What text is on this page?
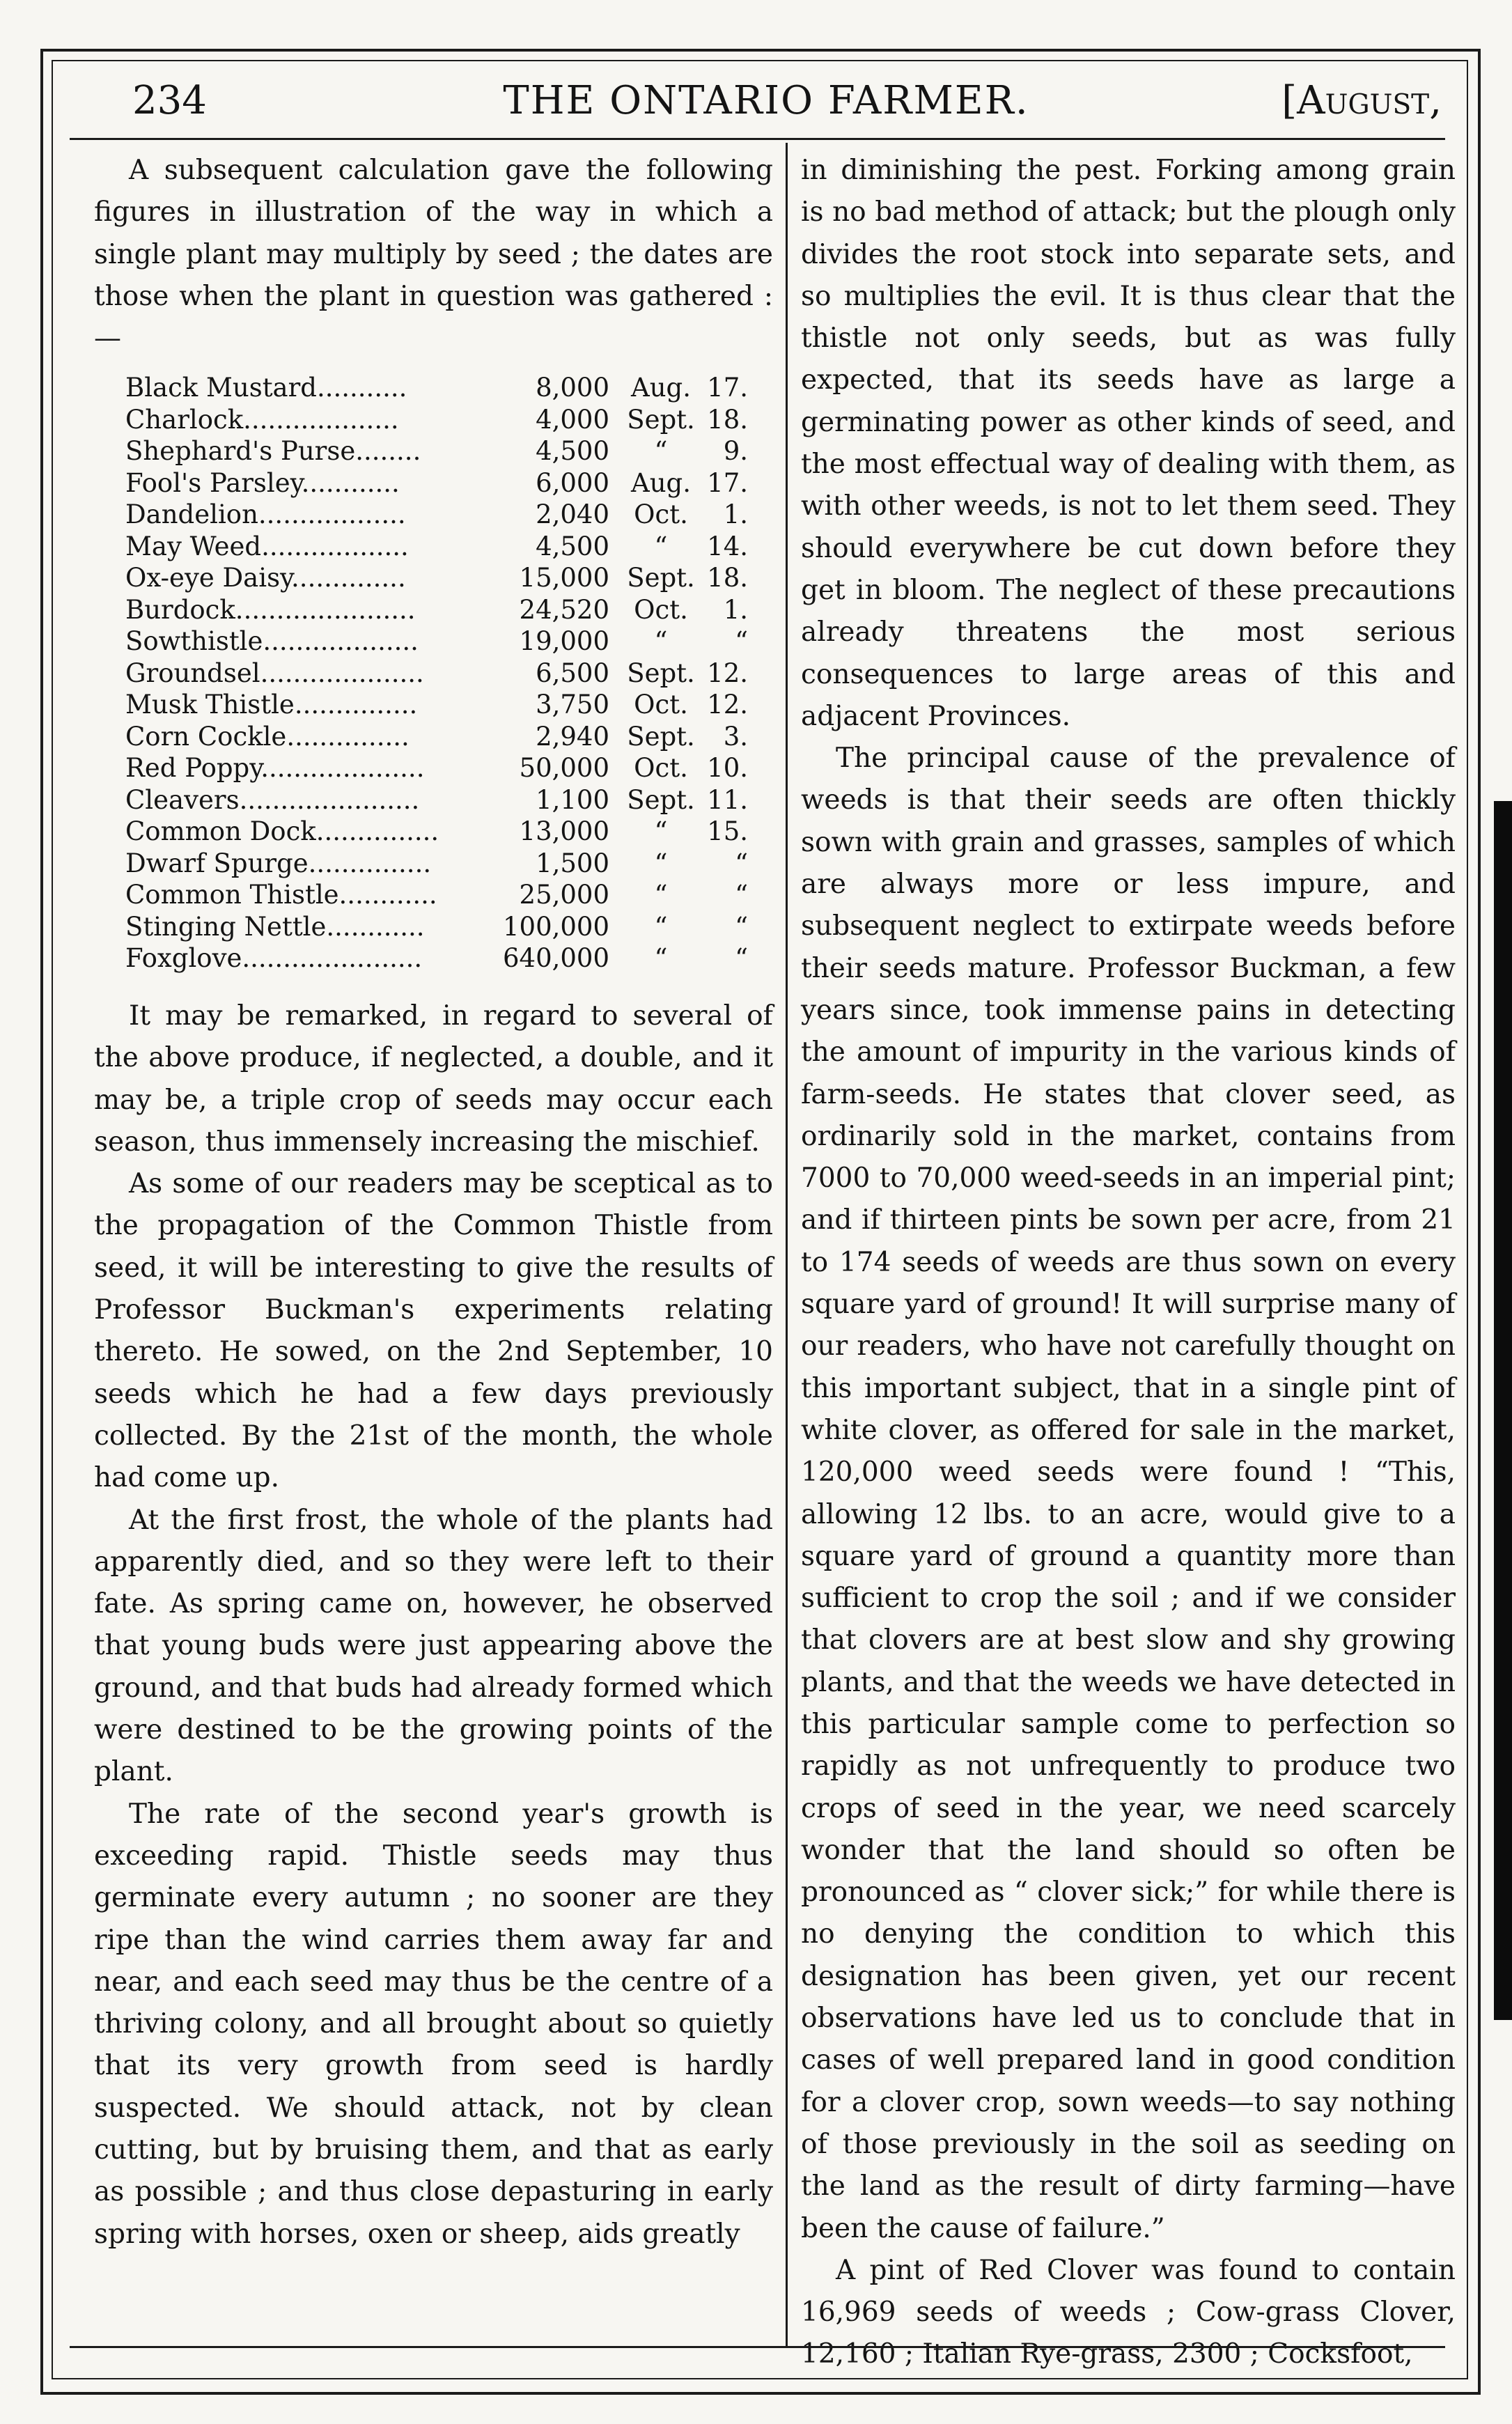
234	THE ONTARIO FARMER.	[August,

A subsequent calculation gave the following figures in illustration of the way in which a single plant may multiply by seed ; the dates are those when the plant in question was gathered :—

Black Mustard...........	8,000	Aug.	17.
Charlock...................	4,000	Sept.	18.
Shephard's Purse........	4,500	“	9.
Fool's Parsley............	6,000	Aug.	17.
Dandelion..................	2,040	Oct.	1.
May Weed..................	4,500	“	14.
Ox-eye Daisy..............	15,000	Sept.	18.
Burdock......................	24,520	Oct.	1.
Sowthistle...................	19,000	“	“
Groundsel....................	6,500	Sept.	12.
Musk Thistle...............	3,750	Oct.	12.
Corn Cockle...............	2,940	Sept.	3.
Red Poppy....................	50,000	Oct.	10.
Cleavers......................	1,100	Sept.	11.
Common Dock...............	13,000	“	15.
Dwarf Spurge...............	1,500	“	“
Common Thistle............	25,000	“	“
Stinging Nettle............	100,000	“	“
Foxglove......................	640,000	“	“

It may be remarked, in regard to several of the above produce, if neglected, a double, and it may be, a triple crop of seeds may occur each season, thus immensely increasing the mischief.

As some of our readers may be sceptical as to the propagation of the Common Thistle from seed, it will be interesting to give the results of Professor Buckman's experiments relating thereto. He sowed, on the 2nd September, 10 seeds which he had a few days previously collected. By the 21st of the month, the whole had come up.

At the first frost, the whole of the plants had apparently died, and so they were left to their fate. As spring came on, however, he observed that young buds were just appearing above the ground, and that buds had already formed which were destined to be the growing points of the plant.

The rate of the second year's growth is exceeding rapid. Thistle seeds may thus germinate every autumn ; no sooner are they ripe than the wind carries them away far and near, and each seed may thus be the centre of a thriving colony, and all brought about so quietly that its very growth from seed is hardly suspected. We should attack, not by clean cutting, but by bruising them, and that as early as possible ; and thus close depasturing in early spring with horses, oxen or sheep, aids greatly

in diminishing the pest. Forking among grain is no bad method of attack; but the plough only divides the root stock into separate sets, and so multiplies the evil. It is thus clear that the thistle not only seeds, but as was fully expected, that its seeds have as large a germinating power as other kinds of seed, and the most effectual way of dealing with them, as with other weeds, is not to let them seed. They should everywhere be cut down before they get in bloom. The neglect of these precautions already threatens the most serious consequences to large areas of this and adjacent Provinces.

The principal cause of the prevalence of weeds is that their seeds are often thickly sown with grain and grasses, samples of which are always more or less impure, and subsequent neglect to extirpate weeds before their seeds mature. Professor Buckman, a few years since, took immense pains in detecting the amount of impurity in the various kinds of farm-seeds. He states that clover seed, as ordinarily sold in the market, contains from 7000 to 70,000 weed-seeds in an imperial pint; and if thirteen pints be sown per acre, from 21 to 174 seeds of weeds are thus sown on every square yard of ground! It will surprise many of our readers, who have not carefully thought on this important subject, that in a single pint of white clover, as offered for sale in the market, 120,000 weed seeds were found ! “This, allowing 12 lbs. to an acre, would give to a square yard of ground a quantity more than sufficient to crop the soil ; and if we consider that clovers are at best slow and shy growing plants, and that the weeds we have detected in this particular sample come to perfection so rapidly as not unfrequently to produce two crops of seed in the year, we need scarcely wonder that the land should so often be pronounced as “ clover sick;” for while there is no denying the condition to which this designation has been given, yet our recent observations have led us to conclude that in cases of well prepared land in good condition for a clover crop, sown weeds—to say nothing of those previously in the soil as seeding on the land as the result of dirty farming—have been the cause of failure.”

A pint of Red Clover was found to contain 16,969 seeds of weeds ; Cow-grass Clover, 12,160 ; Italian Rye-grass, 2300 ; Cocksfoot,
